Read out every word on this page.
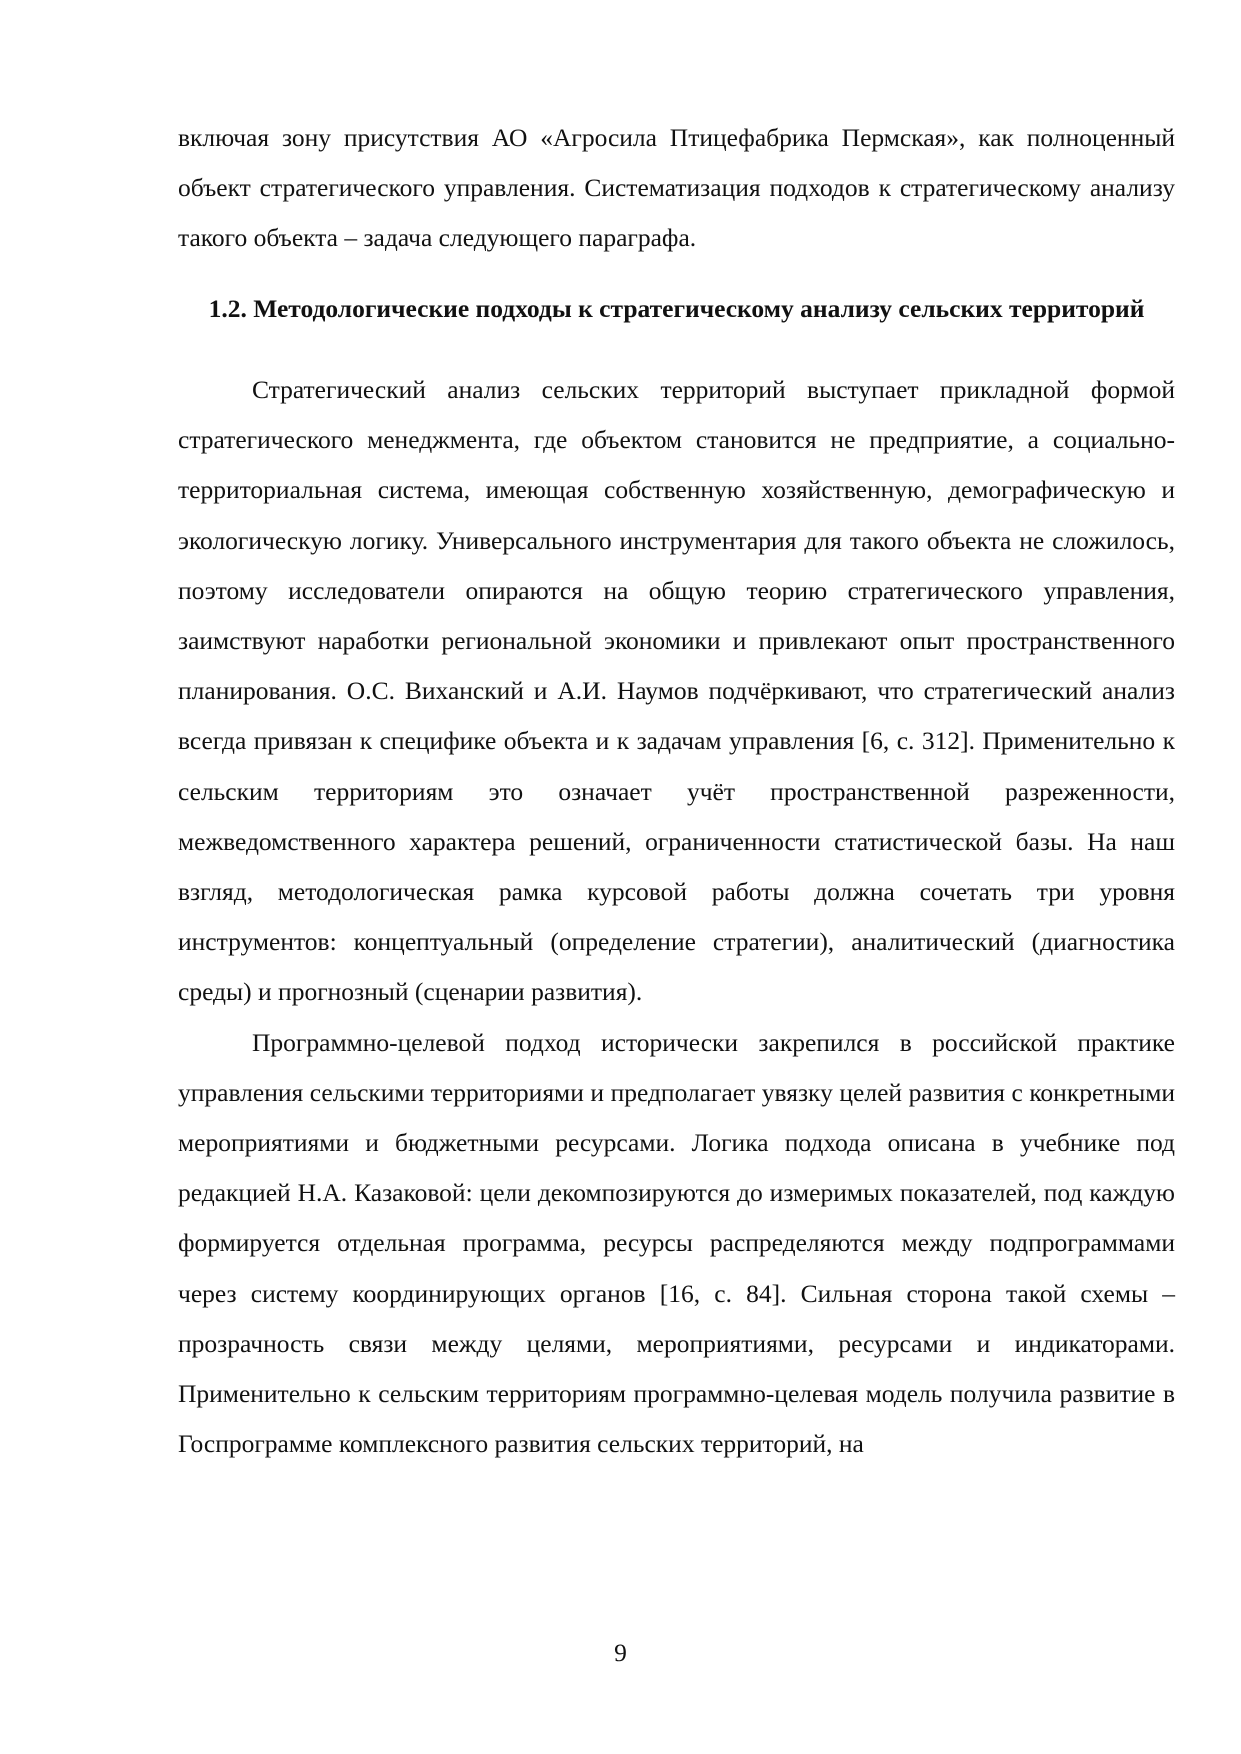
включая зону присутствия АО «Агросила Птицефабрика Пермская», как полноценный объект стратегического управления. Систематизация подходов к стратегическому анализу такого объекта – задача следующего параграфа.

1.2. Методологические подходы к стратегическому анализу сельских территорий

Стратегический анализ сельских территорий выступает прикладной формой стратегического менеджмента, где объектом становится не предприятие, а социально-территориальная система, имеющая собственную хозяйственную, демографическую и экологическую логику. Универсального инструментария для такого объекта не сложилось, поэтому исследователи опираются на общую теорию стратегического управления, заимствуют наработки региональной экономики и привлекают опыт пространственного планирования. О.С. Виханский и А.И. Наумов подчёркивают, что стратегический анализ всегда привязан к специфике объекта и к задачам управления [6, с. 312]. Применительно к сельским территориям это означает учёт пространственной разреженности, межведомственного характера решений, ограниченности статистической базы. На наш взгляд, методологическая рамка курсовой работы должна сочетать три уровня инструментов: концептуальный (определение стратегии), аналитический (диагностика среды) и прогнозный (сценарии развития).

Программно-целевой подход исторически закрепился в российской практике управления сельскими территориями и предполагает увязку целей развития с конкретными мероприятиями и бюджетными ресурсами. Логика подхода описана в учебнике под редакцией Н.А. Казаковой: цели декомпозируются до измеримых показателей, под каждую формируется отдельная программа, ресурсы распределяются между подпрограммами через систему координирующих органов [16, с. 84]. Сильная сторона такой схемы – прозрачность связи между целями, мероприятиями, ресурсами и индикаторами. Применительно к сельским территориям программно-целевая модель получила развитие в Госпрограмме комплексного развития сельских территорий, на

9
